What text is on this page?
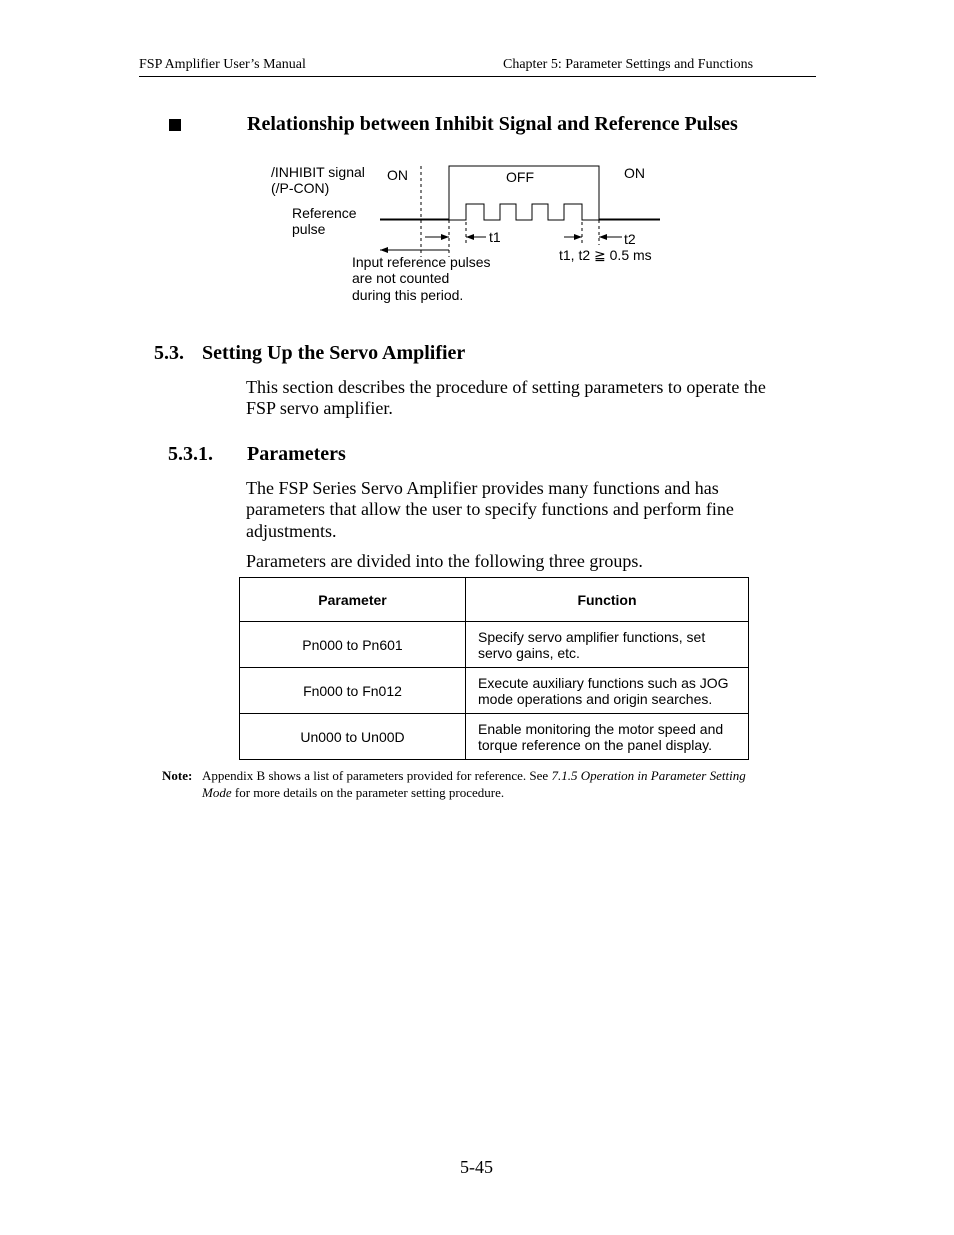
FSP Amplifier User’s Manual	Chapter 5: Parameter Settings and Functions
Relationship between Inhibit Signal and Reference Pulses
/INHIBIT signal
(/P-CON)
ON	OFF	ON
Reference
pulse	t1	t2
t1, t2 ≧ 0.5 ms
Input reference pulses
are not counted
during this period.
5.3. Setting Up the Servo Amplifier
This section describes the procedure of setting parameters to operate the
FSP servo amplifier.
5.3.1. Parameters
The FSP Series Servo Amplifier provides many functions and has
parameters that allow the user to specify functions and perform fine
adjustments.
Parameters are divided into the following three groups.
Parameter	Function
Pn000 to Pn601	Specify servo amplifier functions, set
servo gains, etc.

Fn000 to Fn012	Execute auxiliary functions such as JOG
mode operations and origin searches.

Un000 to Un00D	Enable monitoring the motor speed and
torque reference on the panel display.
Note: Appendix B shows a list of parameters provided for reference. See 7.1.5 Operation in Parameter Setting
Mode for more details on the parameter setting procedure.
5-45
